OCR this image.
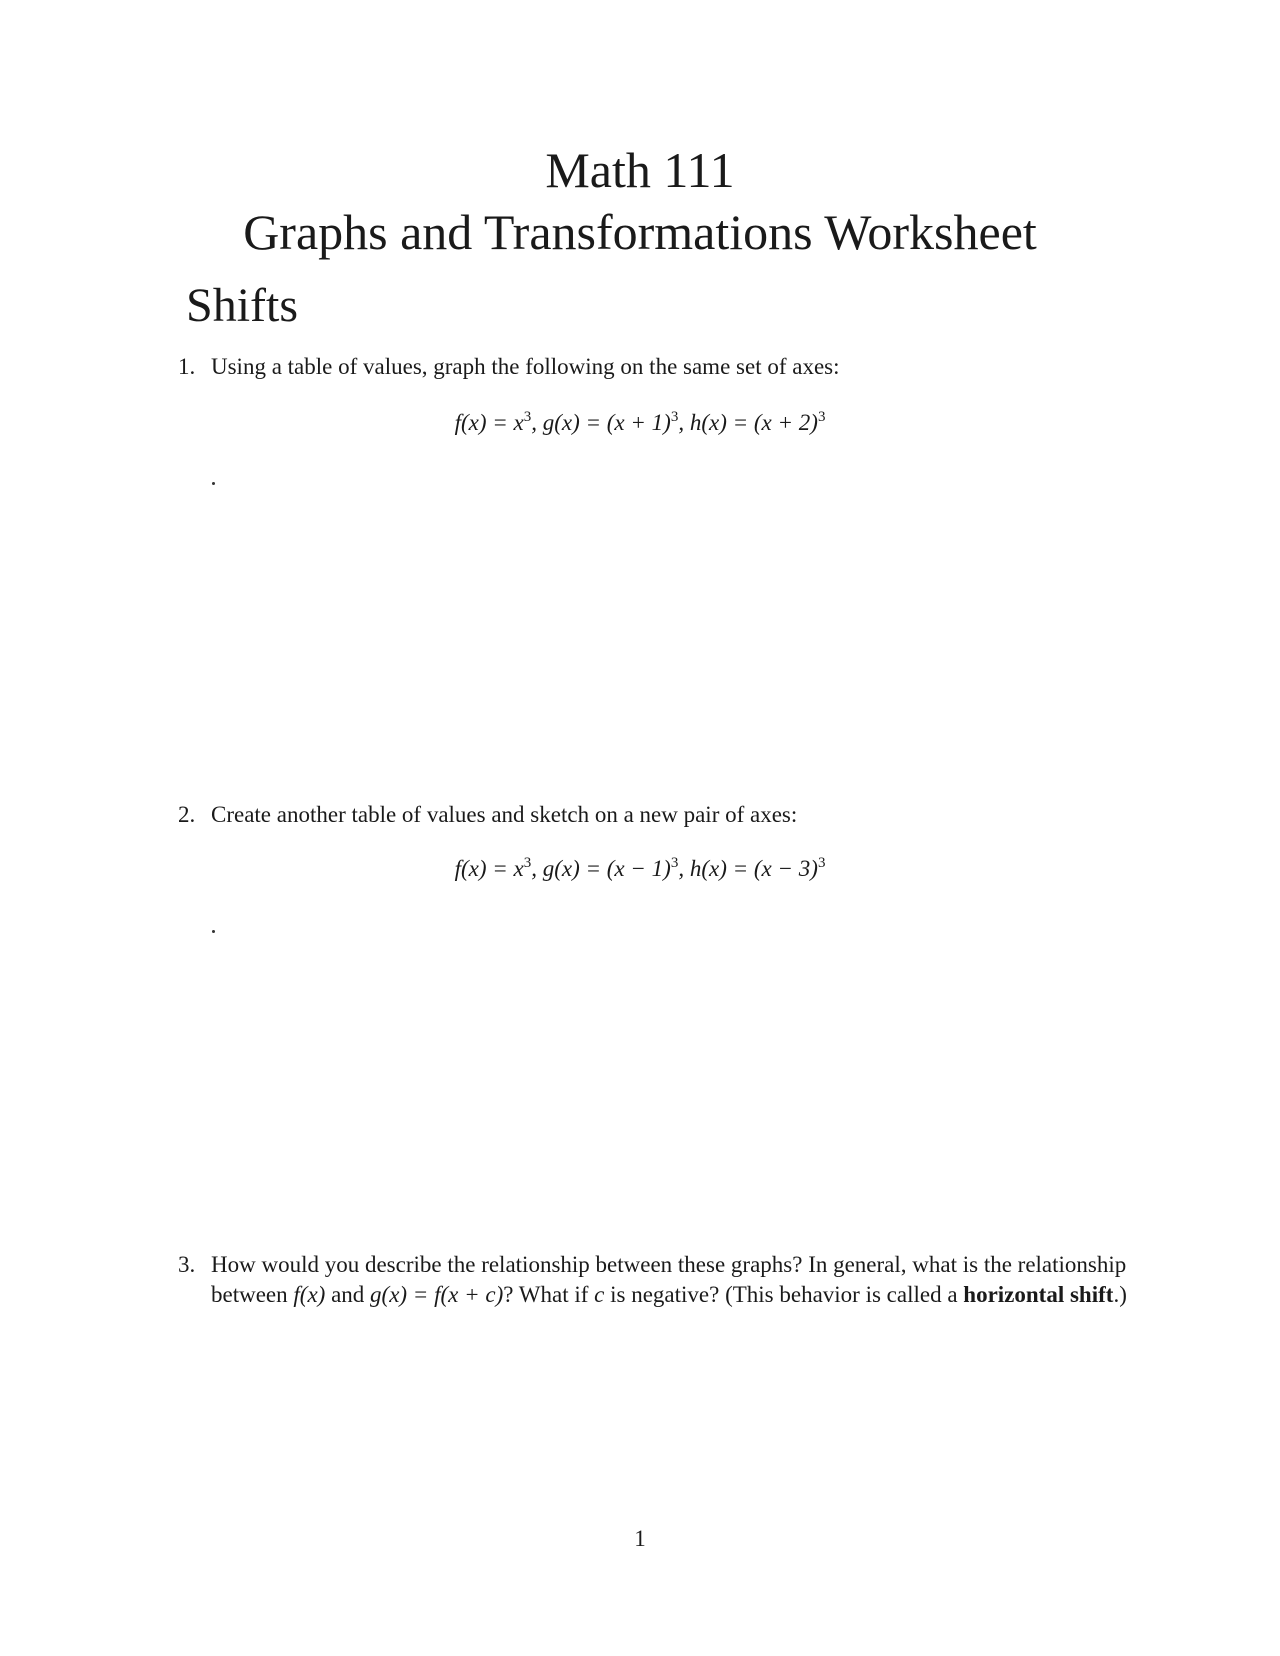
Math 111
Graphs and Transformations Worksheet
Shifts
1. Using a table of values, graph the following on the same set of axes:
$f(x) = x^3$, $g(x) = (x + 1)^3$, $h(x) = (x + 2)^3$
2. Create another table of values and sketch on a new pair of axes:
$f(x) = x^3$, $g(x) = (x - 1)^3$, $h(x) = (x - 3)^3$
3. How would you describe the relationship between these graphs? In general, what is the relationship between f(x) and g(x) = f(x + c)? What if c is negative? (This behavior is called a horizontal shift.)
1
